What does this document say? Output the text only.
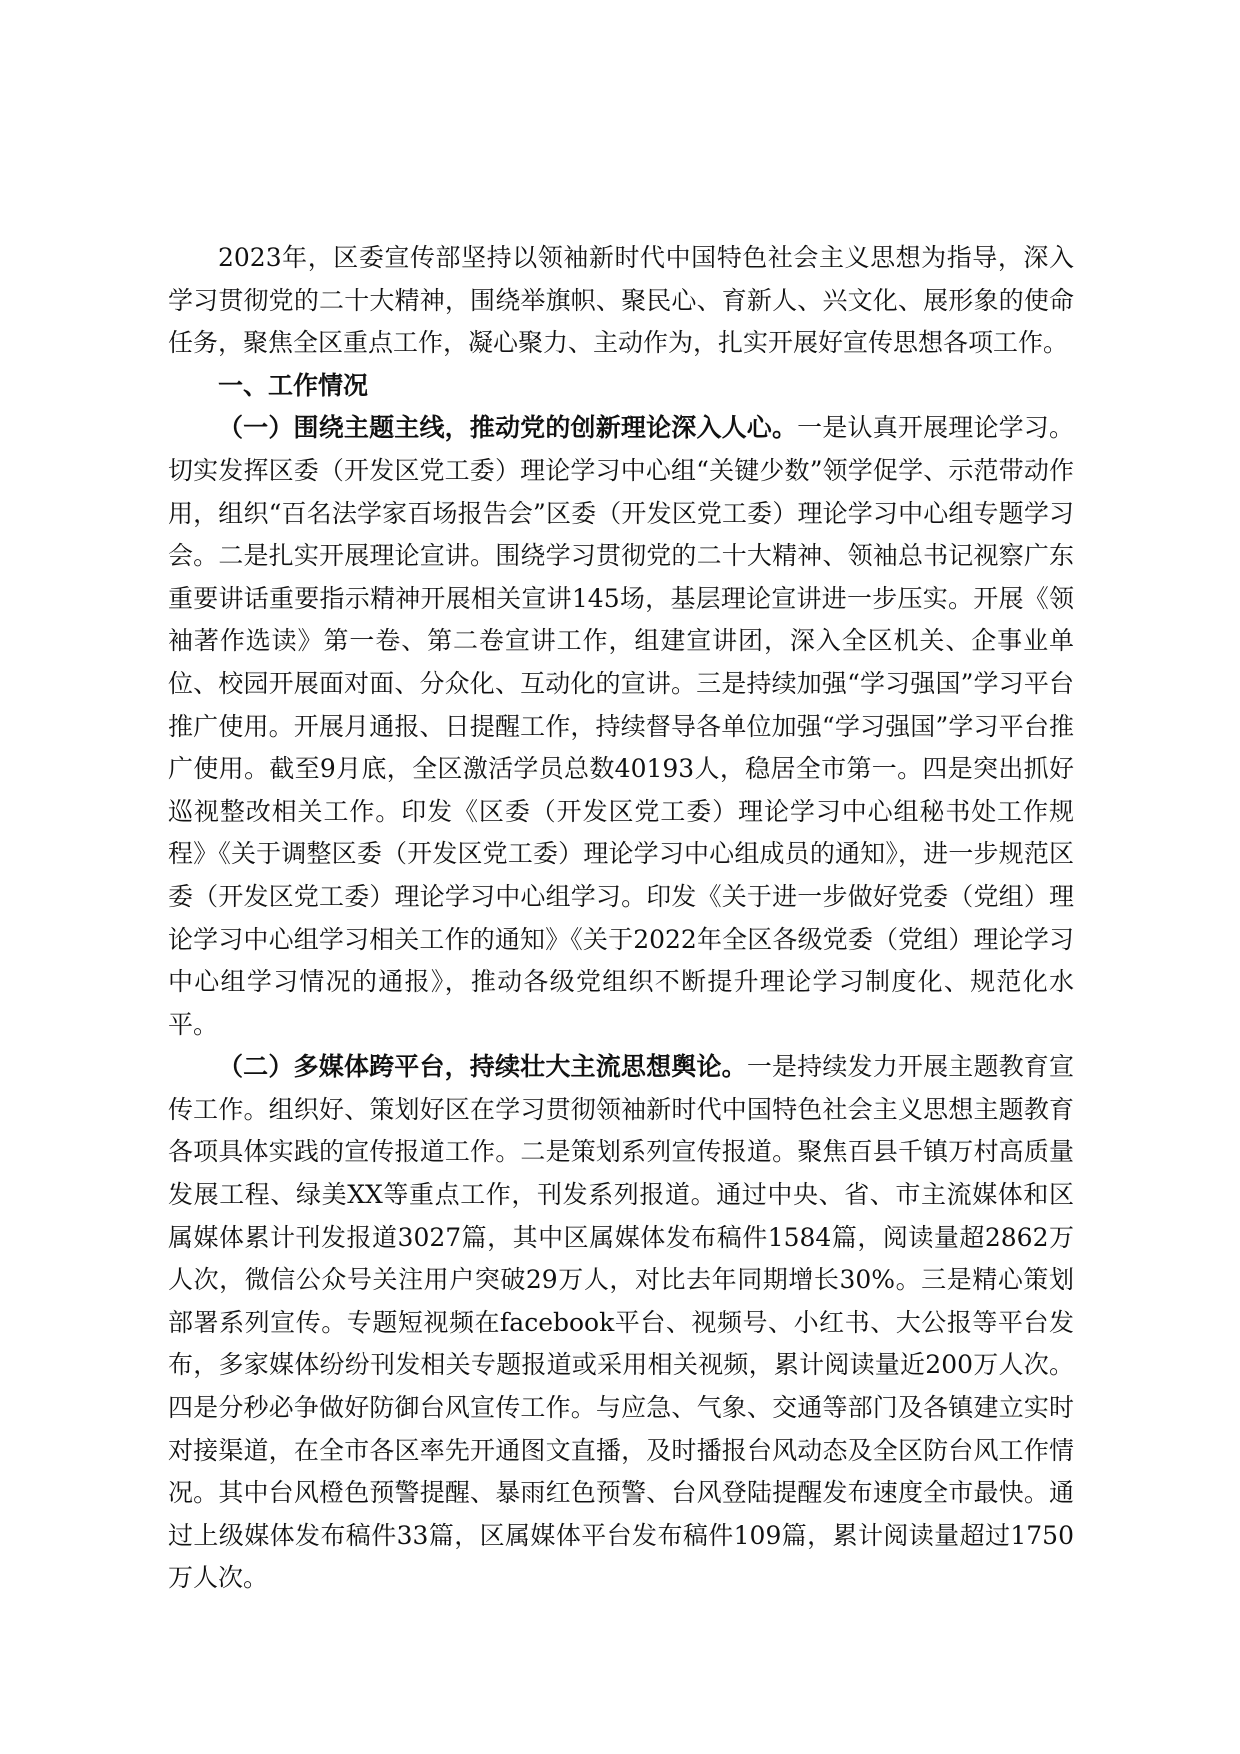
2023年，区委宣传部坚持以领袖新时代中国特色社会主义思想为指导，深入学习贯彻党的二十大精神，围绕举旗帜、聚民心、育新人、兴文化、展形象的使命任务，聚焦全区重点工作，凝心聚力、主动作为，扎实开展好宣传思想各项工作。

一、工作情况

（一）围绕主题主线，推动党的创新理论深入人心。一是认真开展理论学习。切实发挥区委（开发区党工委）理论学习中心组“关键少数”领学促学、示范带动作用，组织“百名法学家百场报告会”区委（开发区党工委）理论学习中心组专题学习会。二是扎实开展理论宣讲。围绕学习贯彻党的二十大精神、领袖总书记视察广东重要讲话重要指示精神开展相关宣讲145场，基层理论宣讲进一步压实。开展《领袖著作选读》第一卷、第二卷宣讲工作，组建宣讲团，深入全区机关、企事业单位、校园开展面对面、分众化、互动化的宣讲。三是持续加强“学习强国”学习平台推广使用。开展月通报、日提醒工作，持续督导各单位加强“学习强国”学习平台推广使用。截至9月底，全区激活学员总数40193人，稳居全市第一。四是突出抓好巡视整改相关工作。印发《区委（开发区党工委）理论学习中心组秘书处工作规程》《关于调整区委（开发区党工委）理论学习中心组成员的通知》，进一步规范区委（开发区党工委）理论学习中心组学习。印发《关于进一步做好党委（党组）理论学习中心组学习相关工作的通知》《关于2022年全区各级党委（党组）理论学习中心组学习情况的通报》，推动各级党组织不断提升理论学习制度化、规范化水平。

（二）多媒体跨平台，持续壮大主流思想舆论。一是持续发力开展主题教育宣传工作。组织好、策划好区在学习贯彻领袖新时代中国特色社会主义思想主题教育各项具体实践的宣传报道工作。二是策划系列宣传报道。聚焦百县千镇万村高质量发展工程、绿美XX等重点工作，刊发系列报道。通过中央、省、市主流媒体和区属媒体累计刊发报道3027篇，其中区属媒体发布稿件1584篇，阅读量超2862万人次，微信公众号关注用户突破29万人，对比去年同期增长30%。三是精心策划部署系列宣传。专题短视频在facebook平台、视频号、小红书、大公报等平台发布，多家媒体纷纷刊发相关专题报道或采用相关视频，累计阅读量近200万人次。四是分秒必争做好防御台风宣传工作。与应急、气象、交通等部门及各镇建立实时对接渠道，在全市各区率先开通图文直播，及时播报台风动态及全区防台风工作情况。其中台风橙色预警提醒、暴雨红色预警、台风登陆提醒发布速度全市最快。通过上级媒体发布稿件33篇，区属媒体平台发布稿件109篇，累计阅读量超过1750万人次。
